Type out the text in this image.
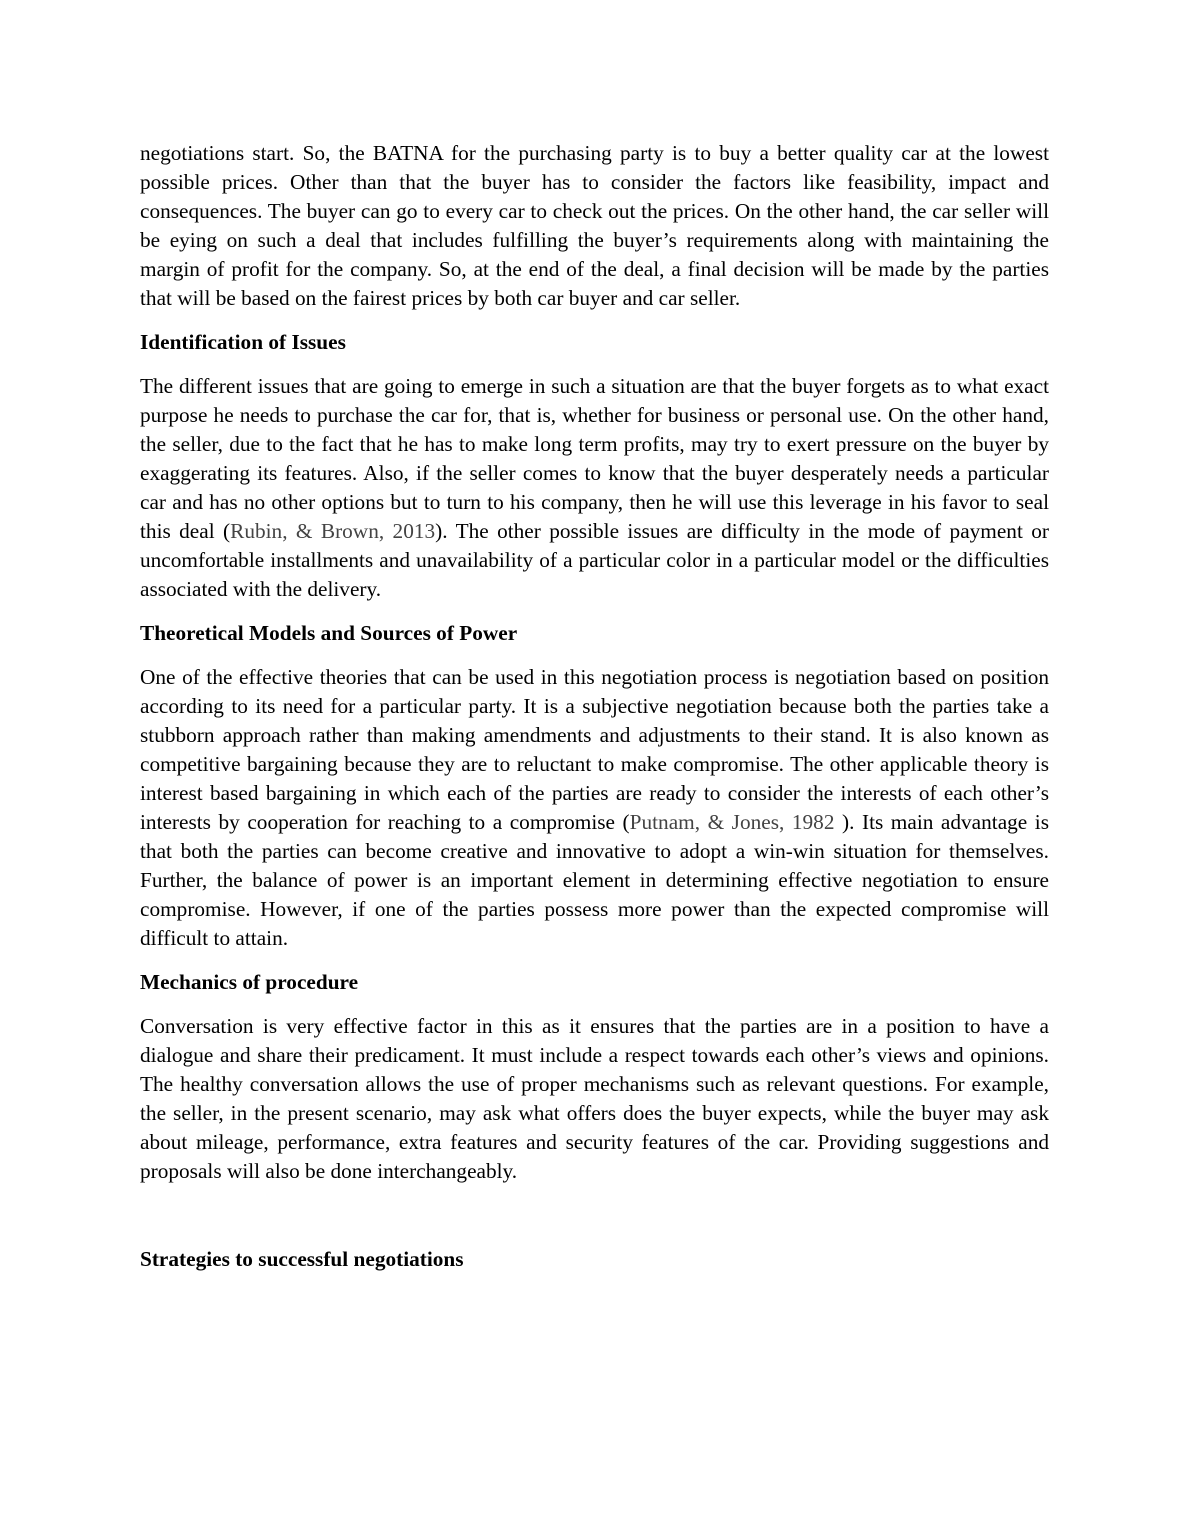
negotiations start. So, the BATNA for the purchasing party is to buy a better quality car at the lowest possible prices. Other than that the buyer has to consider the factors like feasibility, impact and consequences. The buyer can go to every car to check out the prices. On the other hand, the car seller will be eying on such a deal that includes fulfilling the buyer’s requirements along with maintaining the margin of profit for the company. So, at the end of the deal, a final decision will be made by the parties that will be based on the fairest prices by both car buyer and car seller.

Identification of Issues

The different issues that are going to emerge in such a situation are that the buyer forgets as to what exact purpose he needs to purchase the car for, that is, whether for business or personal use. On the other hand, the seller, due to the fact that he has to make long term profits, may try to exert pressure on the buyer by exaggerating its features. Also, if the seller comes to know that the buyer desperately needs a particular car and has no other options but to turn to his company, then he will use this leverage in his favor to seal this deal (Rubin, & Brown, 2013). The other possible issues are difficulty in the mode of payment or uncomfortable installments and unavailability of a particular color in a particular model or the difficulties associated with the delivery.

Theoretical Models and Sources of Power

One of the effective theories that can be used in this negotiation process is negotiation based on position according to its need for a particular party. It is a subjective negotiation because both the parties take a stubborn approach rather than making amendments and adjustments to their stand. It is also known as competitive bargaining because they are to reluctant to make compromise. The other applicable theory is interest based bargaining in which each of the parties are ready to consider the interests of each other’s interests by cooperation for reaching to a compromise (Putnam, & Jones, 1982 ). Its main advantage is that both the parties can become creative and innovative to adopt a win-win situation for themselves. Further, the balance of power is an important element in determining effective negotiation to ensure compromise. However, if one of the parties possess more power than the expected compromise will difficult to attain.

Mechanics of procedure

Conversation is very effective factor in this as it ensures that the parties are in a position to have a dialogue and share their predicament. It must include a respect towards each other’s views and opinions. The healthy conversation allows the use of proper mechanisms such as relevant questions. For example, the seller, in the present scenario, may ask what offers does the buyer expects, while the buyer may ask about mileage, performance, extra features and security features of the car. Providing suggestions and proposals will also be done interchangeably.

Strategies to successful negotiations
